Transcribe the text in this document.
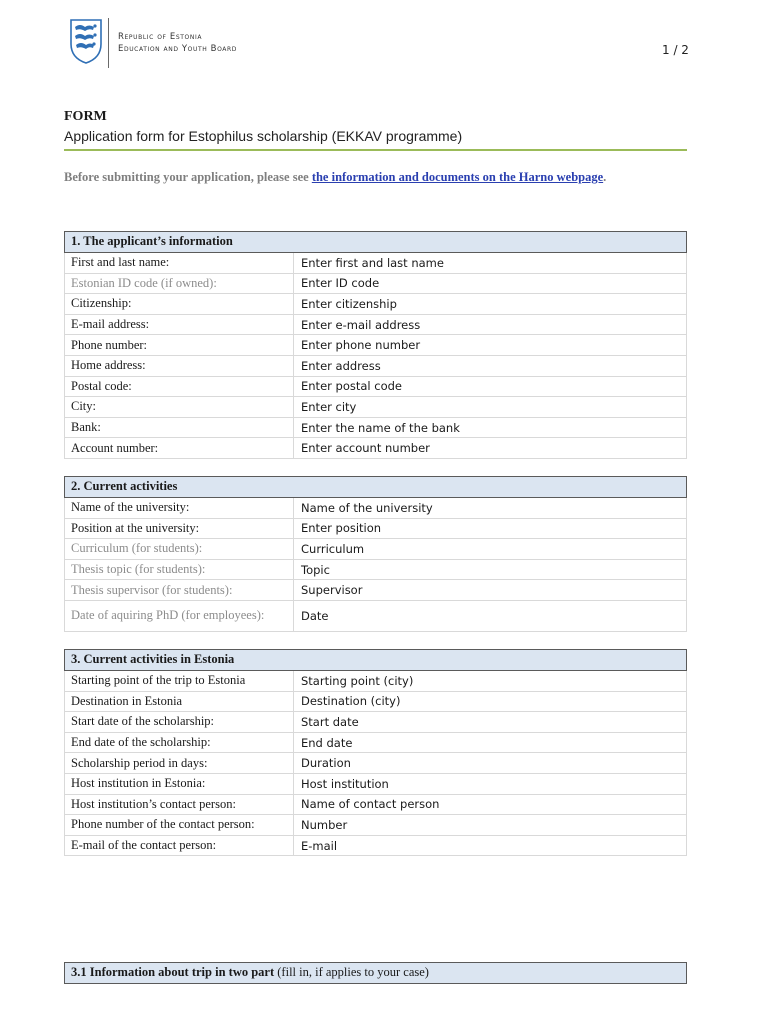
Republic of Estonia
Education and Youth Board	1 / 2
FORM
Application form for Estophilus scholarship (EKKAV programme)
Before submitting your application, please see the information and documents on the Harno webpage.
1. The applicant’s information
First and last name:	Enter first and last name
Estonian ID code (if owned):	Enter ID code
Citizenship:	Enter citizenship
E-mail address:	Enter e-mail address
Phone number:	Enter phone number
Home address:	Enter address
Postal code:	Enter postal code
City:	Enter city
Bank:	Enter the name of the bank
Account number:	Enter account number
2. Current activities
Name of the university:	Name of the university
Position at the university:	Enter position
Curriculum (for students):	Curriculum
Thesis topic (for students):	Topic
Thesis supervisor (for students):	Supervisor
Date of aquiring PhD (for employees):	Date
3. Current activities in Estonia
Starting point of the trip to Estonia	Starting point (city)
Destination in Estonia	Destination (city)
Start date of the scholarship:	Start date
End date of the scholarship:	End date
Scholarship period in days:	Duration
Host institution in Estonia:	Host institution
Host institution’s contact person:	Name of contact person
Phone number of the contact person:	Number
E-mail of the contact person:	E-mail
3.1 Information about trip in two part (fill in, if applies to your case)
